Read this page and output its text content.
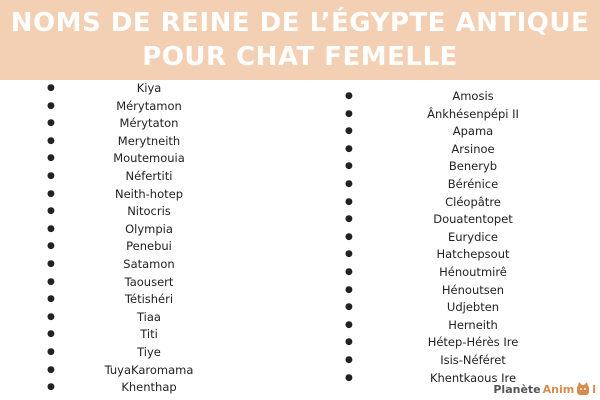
NOMS DE REINE DE L’ÉGYPTE ANTIQUE
POUR CHAT FEMELLE
●	Kiya
●	Mérytamon
●	Mérytaton
●	Merytneith
●	Moutemouia
●	Néfertiti
●	Neith-hotep
●	Nitocris
●	Olympia
●	Penebui
●	Satamon
●	Taousert
●	Tétishéri
●	Tiaa
●	Titi
●	Tiye
●	TuyaKaromama
●	Khenthap
●	Amosis
●	Ânkhésenpépi II
●	Apama
●	Arsinoe
●	Beneryb
●	Bérénice
●	Cléopâtre
●	Douatentopet
●	Eurydice
●	Hatchepsout
●	Hénoutmirê
●	Hénoutsen
●	Udjebten
●	Herneith
●	Hétep-Hérès Ire
●	Isis-Néféret
●	Khentkaous Ire
Planète Anim l
